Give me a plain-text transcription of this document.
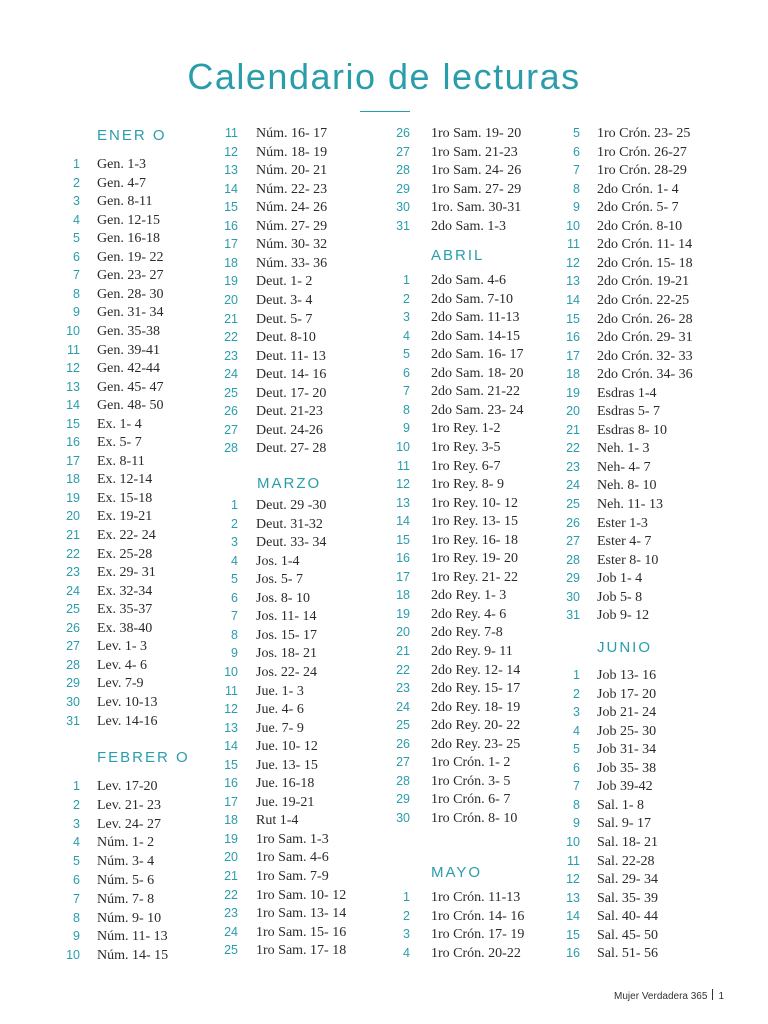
Calendario de lecturas
ENER O
1 Gen. 1-3
2 Gen. 4-7
3 Gen. 8-11
4 Gen. 12-15
5 Gen. 16-18
6 Gen. 19- 22
7 Gen. 23- 27
8 Gen. 28- 30
9 Gen. 31- 34
10 Gen. 35-38
11 Gen. 39-41
12 Gen. 42-44
13 Gen. 45- 47
14 Gen. 48- 50
15 Ex. 1- 4
16 Ex. 5- 7
17 Ex. 8-11
18 Ex. 12-14
19 Ex. 15-18
20 Ex. 19-21
21 Ex. 22- 24
22 Ex. 25-28
23 Ex. 29- 31
24 Ex. 32-34
25 Ex. 35-37
26 Ex. 38-40
27 Lev. 1- 3
28 Lev. 4- 6
29 Lev. 7-9
30 Lev. 10-13
31 Lev. 14-16
FEBRER O
1 Lev. 17-20
2 Lev. 21- 23
3 Lev. 24- 27
4 Núm. 1- 2
5 Núm. 3- 4
6 Núm. 5- 6
7 Núm. 7- 8
8 Núm. 9- 10
9 Núm. 11- 13
10 Núm. 14- 15
11 Núm. 16- 17
12 Núm. 18- 19
13 Núm. 20- 21
14 Núm. 22- 23
15 Núm. 24- 26
16 Núm. 27- 29
17 Núm. 30- 32
18 Núm. 33- 36
19 Deut. 1- 2
20 Deut. 3- 4
21 Deut. 5- 7
22 Deut. 8-10
23 Deut. 11- 13
24 Deut. 14- 16
25 Deut. 17- 20
26 Deut. 21-23
27 Deut. 24-26
28 Deut. 27- 28
MARZO
1 Deut. 29 -30
2 Deut. 31-32
3 Deut. 33- 34
4 Jos. 1-4
5 Jos. 5- 7
6 Jos. 8- 10
7 Jos. 11- 14
8 Jos. 15- 17
9 Jos. 18- 21
10 Jos. 22- 24
11 Jue. 1- 3
12 Jue. 4- 6
13 Jue. 7- 9
14 Jue. 10- 12
15 Jue. 13- 15
16 Jue. 16-18
17 Jue. 19-21
18 Rut 1-4
19 1ro Sam. 1-3
20 1ro Sam. 4-6
21 1ro Sam. 7-9
22 1ro Sam. 10- 12
23 1ro Sam. 13- 14
24 1ro Sam. 15- 16
25 1ro Sam. 17- 18
26 1ro Sam. 19- 20
27 1ro Sam. 21-23
28 1ro Sam. 24- 26
29 1ro Sam. 27- 29
30 1ro. Sam. 30-31
31 2do Sam. 1-3
ABRIL
1 2do Sam. 4-6
2 2do Sam. 7-10
3 2do Sam. 11-13
4 2do Sam. 14-15
5 2do Sam. 16- 17
6 2do Sam. 18- 20
7 2do Sam. 21-22
8 2do Sam. 23- 24
9 1ro Rey. 1-2
10 1ro Rey. 3-5
11 1ro Rey. 6-7
12 1ro Rey. 8- 9
13 1ro Rey. 10- 12
14 1ro Rey. 13- 15
15 1ro Rey. 16- 18
16 1ro Rey. 19- 20
17 1ro Rey. 21- 22
18 2do Rey. 1- 3
19 2do Rey. 4- 6
20 2do Rey. 7-8
21 2do Rey. 9- 11
22 2do Rey. 12- 14
23 2do Rey. 15- 17
24 2do Rey. 18- 19
25 2do Rey. 20- 22
26 2do Rey. 23- 25
27 1ro Crón. 1- 2
28 1ro Crón. 3- 5
29 1ro Crón. 6- 7
30 1ro Crón. 8- 10
MAYO
1 1ro Crón. 11-13
2 1ro Crón. 14- 16
3 1ro Crón. 17- 19
4 1ro Crón. 20-22
5 1ro Crón. 23- 25
6 1ro Crón. 26-27
7 1ro Crón. 28-29
8 2do Crón. 1- 4
9 2do Crón. 5- 7
10 2do Crón. 8-10
11 2do Crón. 11- 14
12 2do Crón. 15- 18
13 2do Crón. 19-21
14 2do Crón. 22-25
15 2do Crón. 26- 28
16 2do Crón. 29- 31
17 2do Crón. 32- 33
18 2do Crón. 34- 36
19 Esdras 1-4
20 Esdras 5- 7
21 Esdras 8- 10
22 Neh. 1- 3
23 Neh- 4- 7
24 Neh. 8- 10
25 Neh. 11- 13
26 Ester 1-3
27 Ester 4- 7
28 Ester 8- 10
29 Job 1- 4
30 Job 5- 8
31 Job 9- 12
JUNIO
1 Job 13- 16
2 Job 17- 20
3 Job 21- 24
4 Job 25- 30
5 Job 31- 34
6 Job 35- 38
7 Job 39-42
8 Sal. 1- 8
9 Sal. 9- 17
10 Sal. 18- 21
11 Sal. 22-28
12 Sal. 29- 34
13 Sal. 35- 39
14 Sal. 40- 44
15 Sal. 45- 50
16 Sal. 51- 56
Mujer Verdadera 365 1
